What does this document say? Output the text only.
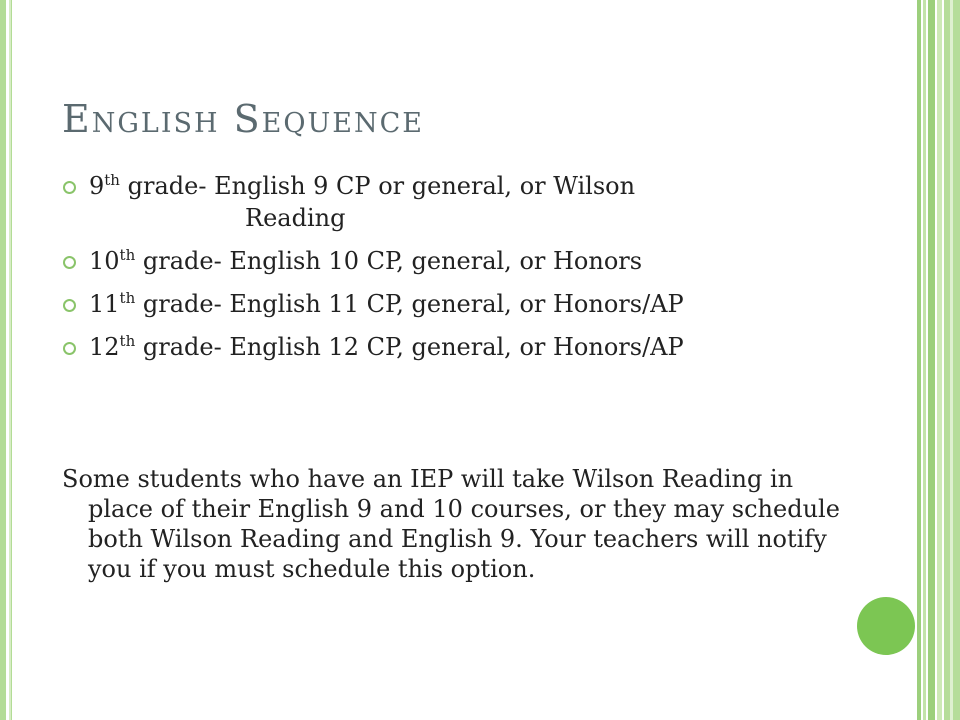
English Sequence
9th grade- English 9 CP or general, or Wilson
Reading
10th grade- English 10 CP, general, or Honors
11th grade- English 11 CP, general, or Honors/AP
12th grade- English 12 CP, general, or Honors/AP

Some students who have an IEP will take Wilson Reading in place of their English 9 and 10 courses, or they may schedule both Wilson Reading and English 9. Your teachers will notify you if you must schedule this option.
